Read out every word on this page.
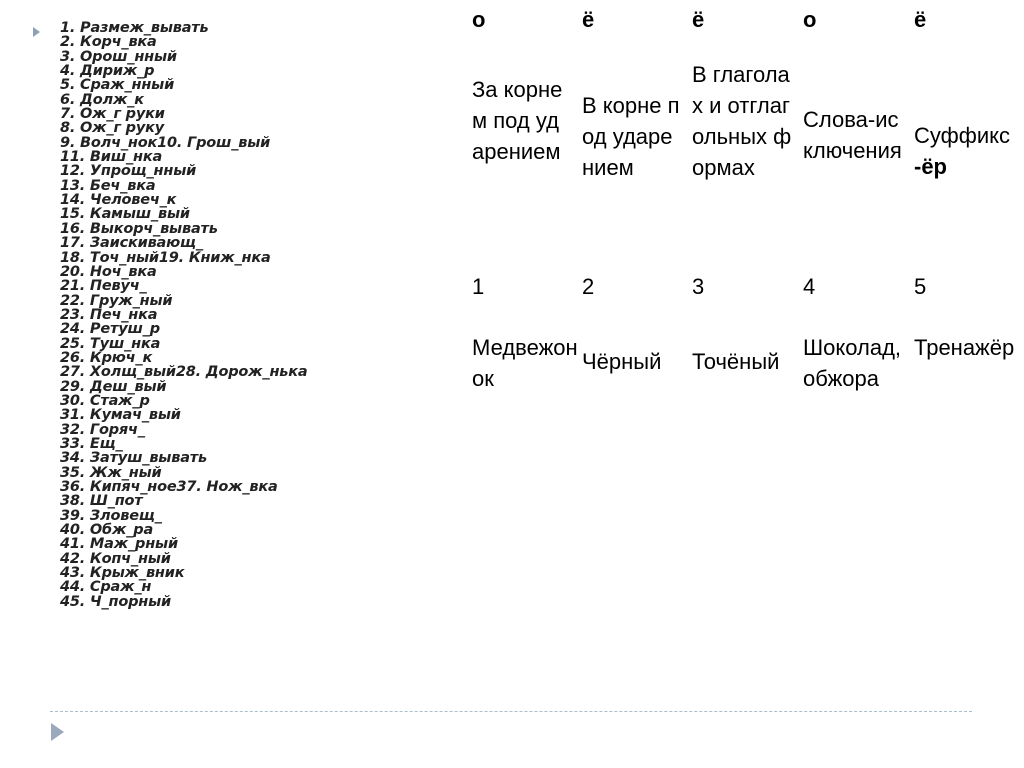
1. Размеж_вывать
2. Корч_вка
3. Орош_нный
4. Дириж_р
5. Сраж_нный
6. Долж_к
7. Ож_г руки
8. Ож_г руку
9. Волч_нок10. Грош_вый
11. Виш_нка
12. Упрощ_нный
13. Беч_вка
14. Человеч_к
15. Камыш_вый
16. Выкорч_вывать
17. Заискивающ_
18. Точ_ный19. Книж_нка
20. Ноч_вка
21. Певуч_
22. Груж_ный
23. Печ_нка
24. Ретуш_р
25. Туш_нка
26. Крюч_к
27. Холщ_вый28. Дорож_нька
29. Деш_вый
30. Стаж_р
31. Кумач_вый
32. Горяч_
33. Ещ_
34. Затуш_вывать
35. Жж_ный
36. Кипяч_ное37. Нож_вка
38. Ш_пот
39. Зловещ_
40. Обж_ра
41. Маж_рный
42. Копч_ный
43. Крыж_вник
44. Сраж_н
45. Ч_порный
о
За корнем под ударением
1
Медвежонок
ё
В корне под ударением
2
Чёрный
ё
В глаголах и отглагольных формах
3
Точёный
о
Слова-исключения
4
Шоколад, обжора
ё
Суффикс -ёр
5
Тренажёр
